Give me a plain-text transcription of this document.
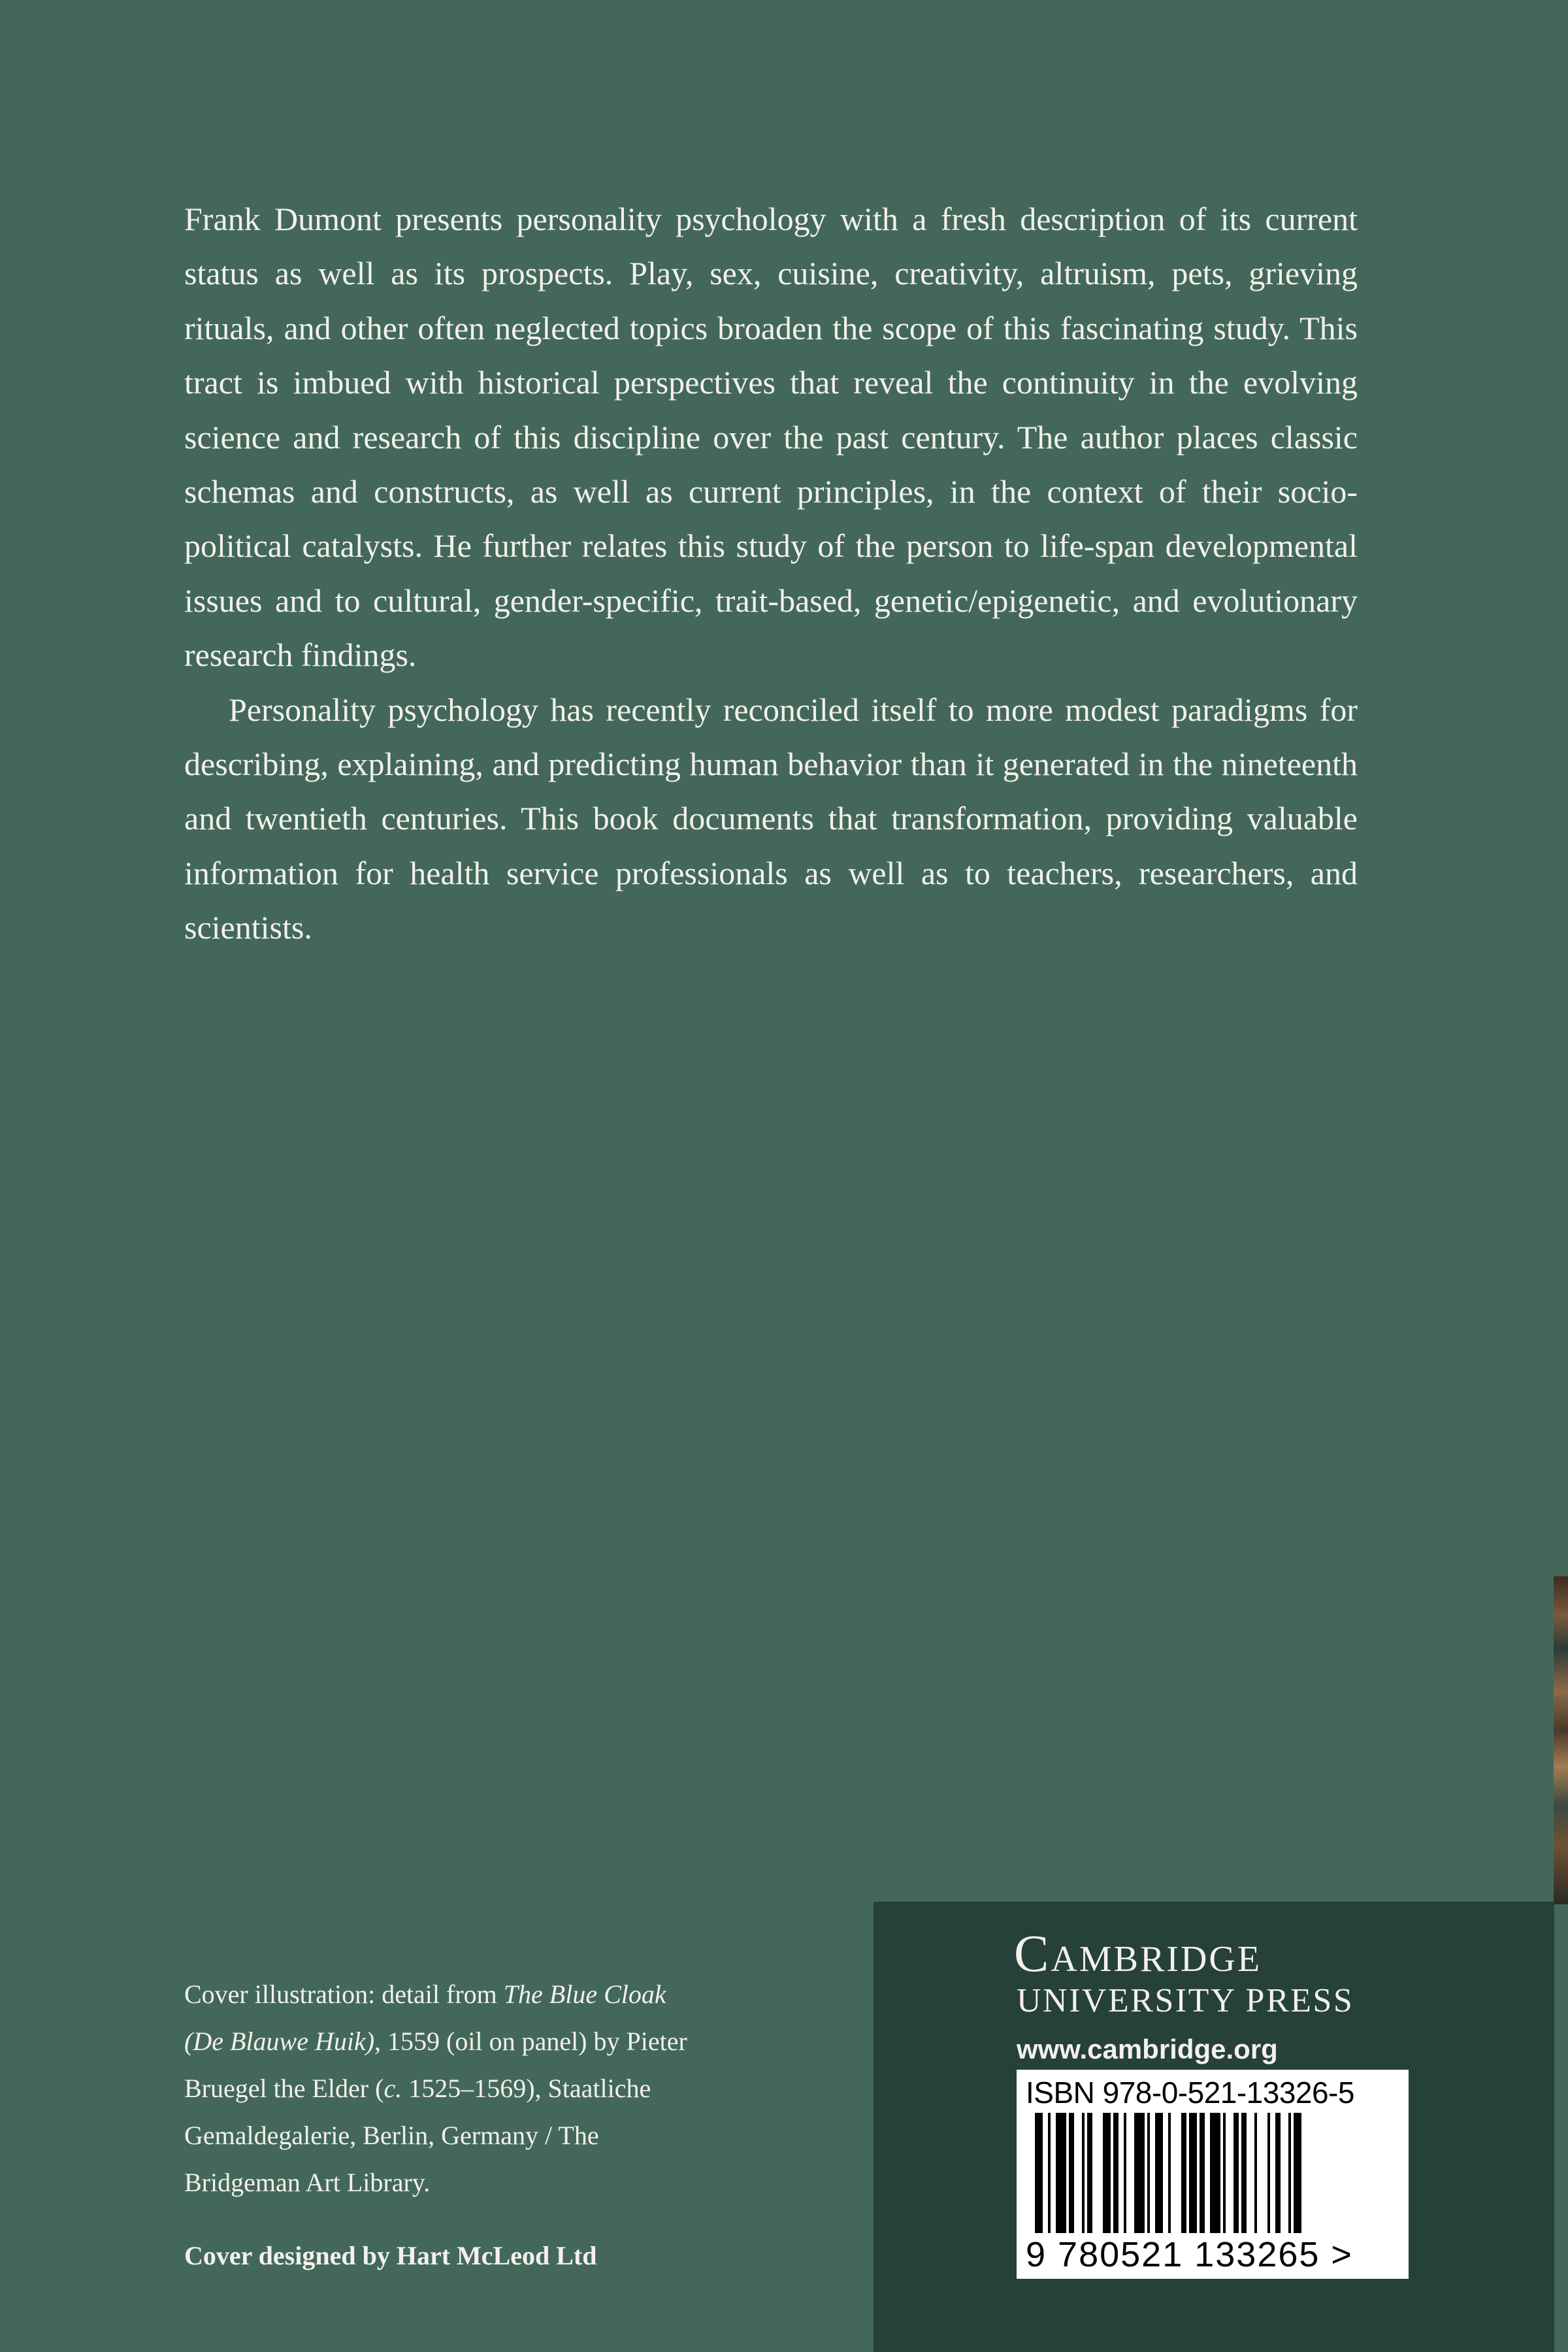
Frank Dumont presents personality psychology with a fresh description of its current status as well as its prospects. Play, sex, cuisine, creativity, altruism, pets, grieving rituals, and other often neglected topics broaden the scope of this fascinating study. This tract is imbued with historical perspectives that reveal the continuity in the evolving science and research of this discipline over the past century. The author places classic schemas and constructs, as well as current principles, in the context of their socio-political catalysts. He further relates this study of the person to life-span developmental issues and to cultural, gender-specific, trait-based, genetic/epigenetic, and evolutionary research findings.

Personality psychology has recently reconciled itself to more modest paradigms for describing, explaining, and predicting human behavior than it generated in the nineteenth and twentieth centuries. This book documents that transformation, providing valuable information for health service professionals as well as to teachers, researchers, and scientists.

Cover illustration: detail from The Blue Cloak
(De Blauwe Huik), 1559 (oil on panel) by Pieter
Bruegel the Elder (c. 1525–1569), Staatliche
Gemaldegalerie, Berlin, Germany / The
Bridgeman Art Library.
Cover designed by Hart McLeod Ltd
Cambridge
UNIVERSITY PRESS
www.cambridge.org
ISBN 978-0-521-13326-5
9 780521 133265 >
